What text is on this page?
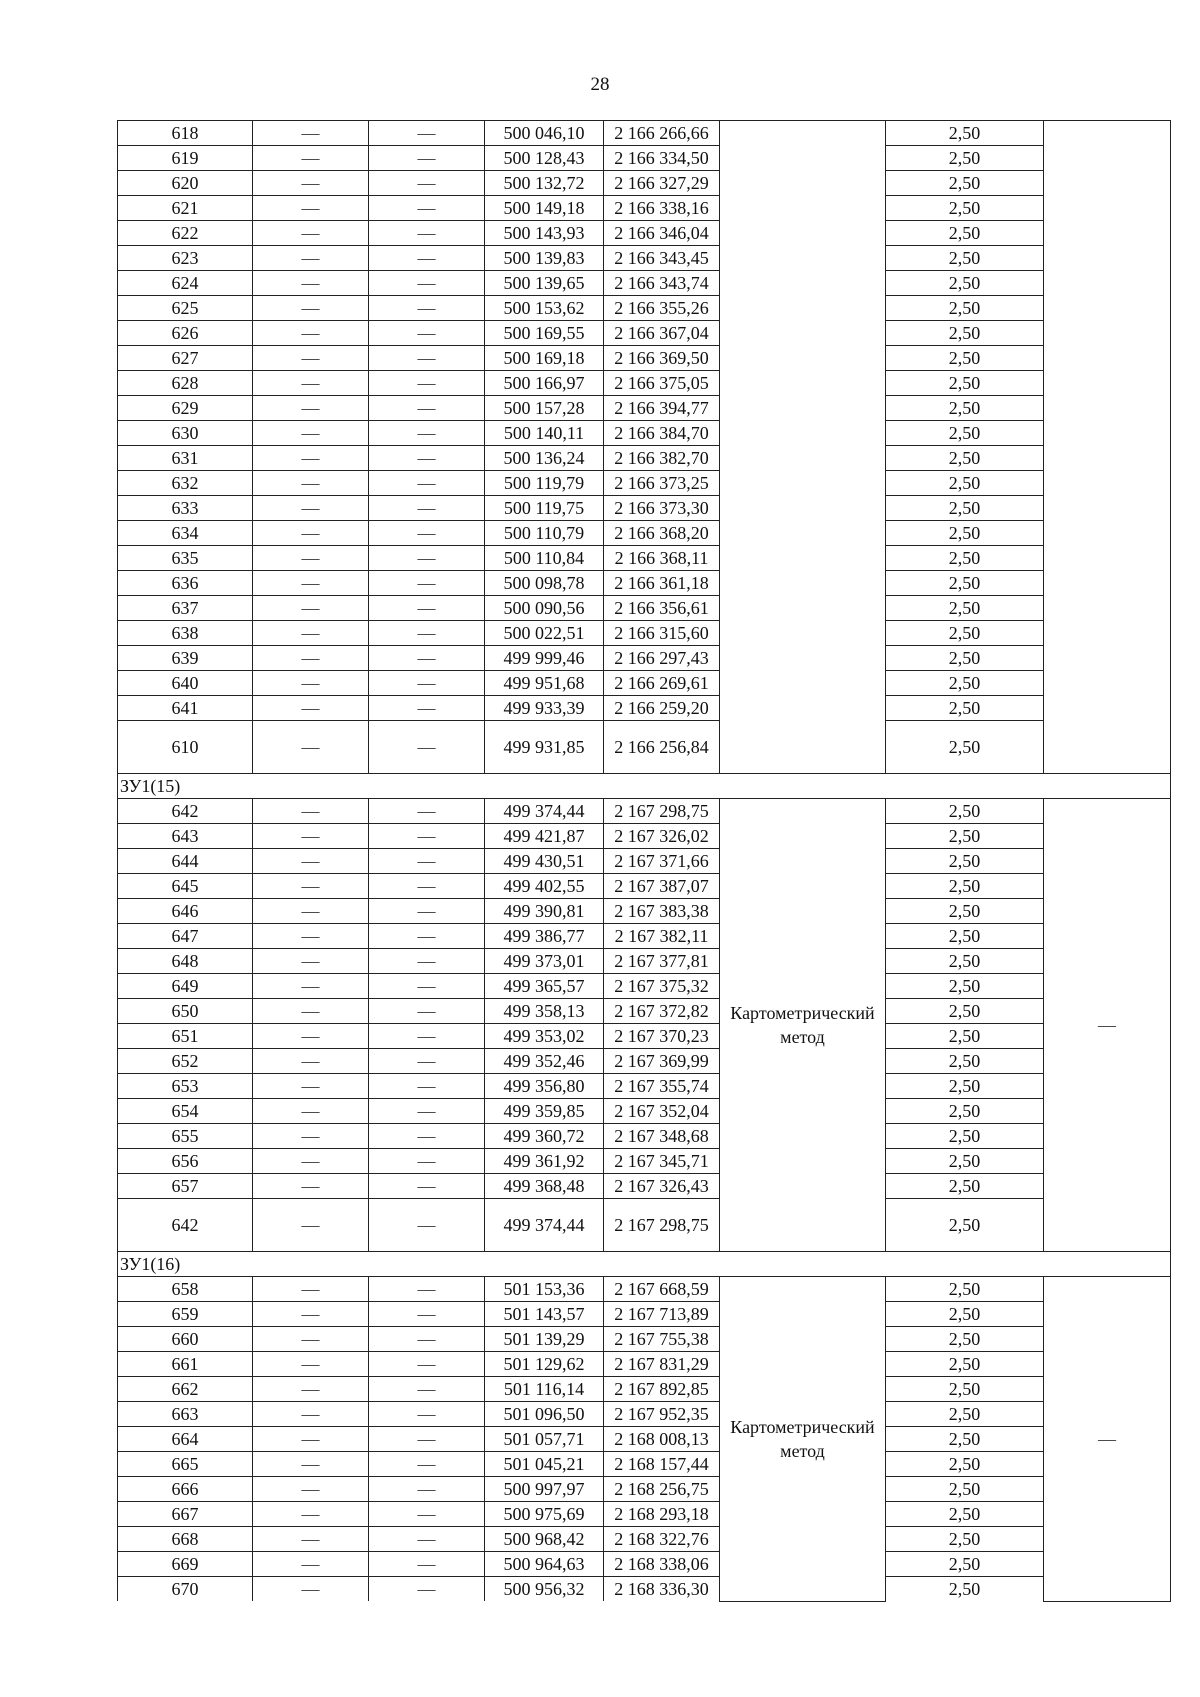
28
618	—	—	500 046,10	2 166 266,66		2,50	
619	—	—	500 128,43	2 166 334,50		2,50	
620	—	—	500 132,72	2 166 327,29		2,50	
621	—	—	500 149,18	2 166 338,16		2,50	
622	—	—	500 143,93	2 166 346,04		2,50	
623	—	—	500 139,83	2 166 343,45		2,50	
624	—	—	500 139,65	2 166 343,74		2,50	
625	—	—	500 153,62	2 166 355,26		2,50	
626	—	—	500 169,55	2 166 367,04		2,50	
627	—	—	500 169,18	2 166 369,50		2,50	
628	—	—	500 166,97	2 166 375,05		2,50	
629	—	—	500 157,28	2 166 394,77		2,50	
630	—	—	500 140,11	2 166 384,70		2,50	
631	—	—	500 136,24	2 166 382,70		2,50	
632	—	—	500 119,79	2 166 373,25		2,50	
633	—	—	500 119,75	2 166 373,30		2,50	
634	—	—	500 110,79	2 166 368,20		2,50	
635	—	—	500 110,84	2 166 368,11		2,50	
636	—	—	500 098,78	2 166 361,18		2,50	
637	—	—	500 090,56	2 166 356,61		2,50	
638	—	—	500 022,51	2 166 315,60		2,50	
639	—	—	499 999,46	2 166 297,43		2,50	
640	—	—	499 951,68	2 166 269,61		2,50	
641	—	—	499 933,39	2 166 259,20		2,50	
610	—	—	499 931,85	2 166 256,84		2,50	
ЗУ1(15)							
642	—	—	499 374,44	2 167 298,75	Картометрический метод	2,50	—
643	—	—	499 421,87	2 167 326,02		2,50	
644	—	—	499 430,51	2 167 371,66		2,50	
645	—	—	499 402,55	2 167 387,07		2,50	
646	—	—	499 390,81	2 167 383,38		2,50	
647	—	—	499 386,77	2 167 382,11		2,50	
648	—	—	499 373,01	2 167 377,81		2,50	
649	—	—	499 365,57	2 167 375,32		2,50	
650	—	—	499 358,13	2 167 372,82		2,50	
651	—	—	499 353,02	2 167 370,23		2,50	
652	—	—	499 352,46	2 167 369,99		2,50	
653	—	—	499 356,80	2 167 355,74		2,50	
654	—	—	499 359,85	2 167 352,04		2,50	
655	—	—	499 360,72	2 167 348,68		2,50	
656	—	—	499 361,92	2 167 345,71		2,50	
657	—	—	499 368,48	2 167 326,43		2,50	
642	—	—	499 374,44	2 167 298,75		2,50	
ЗУ1(16)							
658	—	—	501 153,36	2 167 668,59	Картометрический метод	2,50	—
659	—	—	501 143,57	2 167 713,89		2,50	
660	—	—	501 139,29	2 167 755,38		2,50	
661	—	—	501 129,62	2 167 831,29		2,50	
662	—	—	501 116,14	2 167 892,85		2,50	
663	—	—	501 096,50	2 167 952,35		2,50	
664	—	—	501 057,71	2 168 008,13		2,50	
665	—	—	501 045,21	2 168 157,44		2,50	
666	—	—	500 997,97	2 168 256,75		2,50	
667	—	—	500 975,69	2 168 293,18		2,50	
668	—	—	500 968,42	2 168 322,76		2,50	
669	—	—	500 964,63	2 168 338,06		2,50	
670	—	—	500 956,32	2 168 336,30		2,50	
